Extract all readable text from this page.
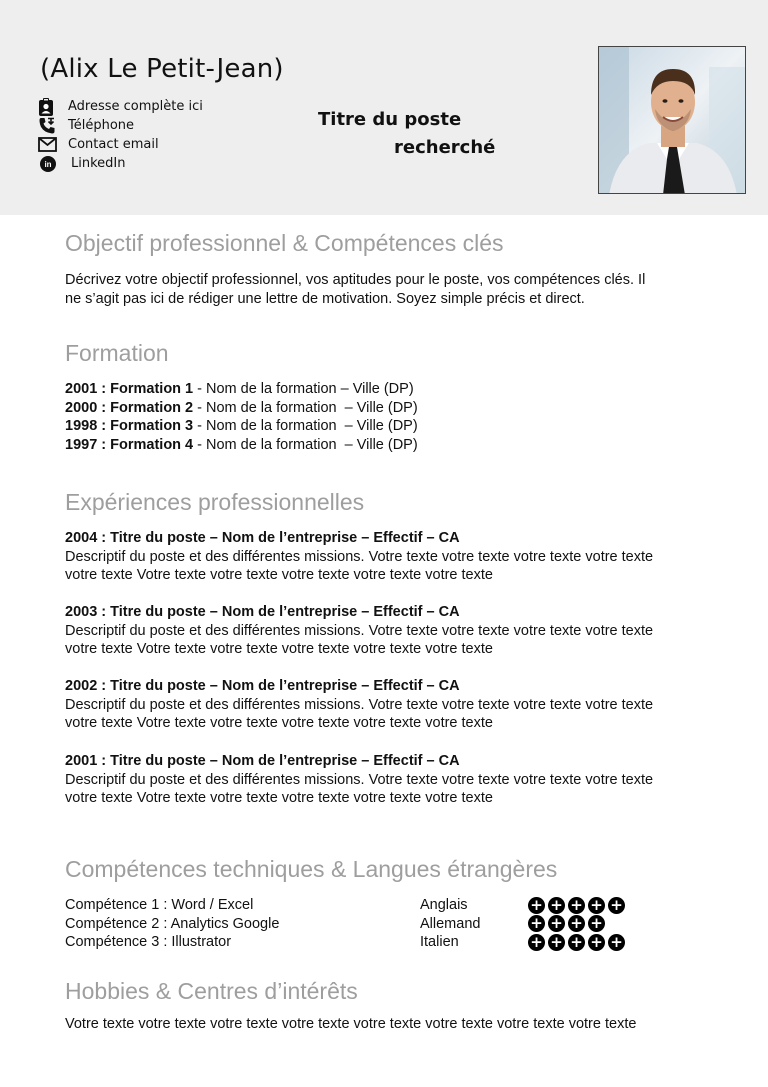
(Alix Le Petit-Jean)
Adresse complète ici
Téléphone
Contact email
in LinkedIn
Titre du poste
recherché
Objectif professionnel & Compétences clés
Décrivez votre objectif professionnel, vos aptitudes pour le poste, vos compétences clés. Il
ne s’agit pas ici de rédiger une lettre de motivation. Soyez simple précis et direct.
Formation
2001 : Formation 1 - Nom de la formation – Ville (DP)
2000 : Formation 2 - Nom de la formation  – Ville (DP)
1998 : Formation 3 - Nom de la formation  – Ville (DP)
1997 : Formation 4 - Nom de la formation  – Ville (DP)
Expériences professionnelles
2004 : Titre du poste – Nom de l’entreprise – Effectif – CA
Descriptif du poste et des différentes missions. Votre texte votre texte votre texte votre texte
votre texte Votre texte votre texte votre texte votre texte votre texte
2003 : Titre du poste – Nom de l’entreprise – Effectif – CA
Descriptif du poste et des différentes missions. Votre texte votre texte votre texte votre texte
votre texte Votre texte votre texte votre texte votre texte votre texte
2002 : Titre du poste – Nom de l’entreprise – Effectif – CA
Descriptif du poste et des différentes missions. Votre texte votre texte votre texte votre texte
votre texte Votre texte votre texte votre texte votre texte votre texte
2001 : Titre du poste – Nom de l’entreprise – Effectif – CA
Descriptif du poste et des différentes missions. Votre texte votre texte votre texte votre texte
votre texte Votre texte votre texte votre texte votre texte votre texte
Compétences techniques & Langues étrangères
Compétence 1 : Word / Excel
Compétence 2 : Analytics Google
Compétence 3 : Illustrator
Anglais
Allemand
Italien
+ + + + +
+ + + +
+ + + + +
Hobbies & Centres d’intérêts
Votre texte votre texte votre texte votre texte votre texte votre texte votre texte votre texte
